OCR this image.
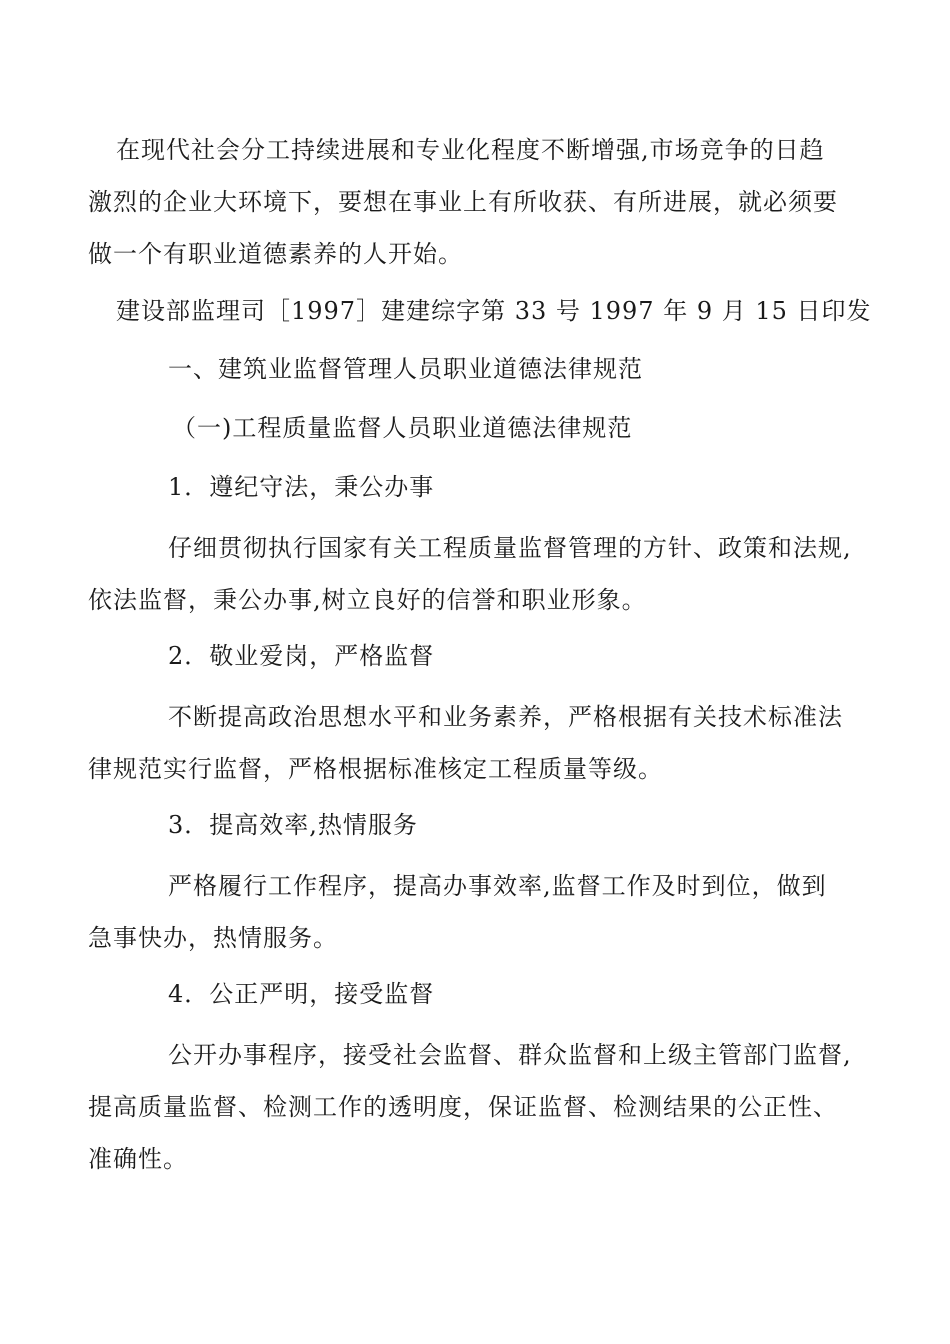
在现代社会分工持续进展和专业化程度不断增强,市场竞争的日趋
激烈的企业大环境下，要想在事业上有所收获、有所进展，就必须要
做一个有职业道德素养的人开始。
建设部监理司［1997］建建综字第 33 号 1997 年 9 月 15 日印发
一、建筑业监督管理人员职业道德法律规范
（一)工程质量监督人员职业道德法律规范
1．遵纪守法，秉公办事
仔细贯彻执行国家有关工程质量监督管理的方针、政策和法规,
依法监督，秉公办事,树立良好的信誉和职业形象。
2．敬业爱岗，严格监督
不断提高政治思想水平和业务素养，严格根据有关技术标准法
律规范实行监督，严格根据标准核定工程质量等级。
3．提高效率,热情服务
严格履行工作程序，提高办事效率,监督工作及时到位，做到
急事快办，热情服务。
4．公正严明，接受监督
公开办事程序，接受社会监督、群众监督和上级主管部门监督,
提高质量监督、检测工作的透明度，保证监督、检测结果的公正性、
准确性。
